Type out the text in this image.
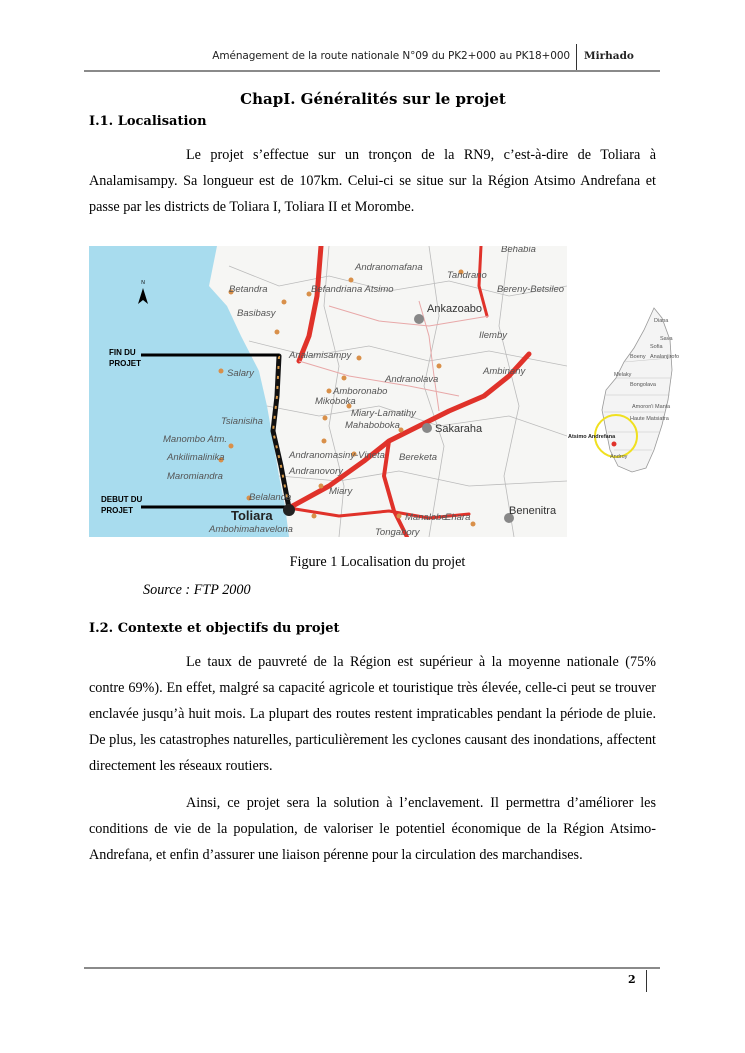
Aménagement de la route nationale N°09 du PK2+000 au PK18+000 Mirhado
ChapI. Généralités sur le projet
I.1. Localisation

Le projet s’effectue sur un tronçon de la RN9, c’est-à-dire de Toliara à Analamisampy. Sa longueur est de 107km. Celui-ci se situe sur la Région Atsimo Andrefana et passe par les districts de Toliara I, Toliara II et Morombe.

FIN DU
PROJET
DEBUT DU
PROJET
N
Andranomafana
Tandrano
Betandra	Befandriana Atsimo	Bereny-Betsileo
Basibasy	Ankazoabo
Ilemby
Analamisampy
Salary
Andranolava
Ambinany
Amboronabo
Mikoboka
Miary-Lamatihy
Mahaboboka
Tsianisiha
Sakaraha
Manombo Atm.
Ankilimalinika	Andranomasiny-Vineta Bereketa
Maromiandra	Andranovory
Miary
Belalanda
Toliara	Manalobe
Ehara
Benenitra
Ambohimahavelona	Tongabory
Behabia
Diana
Sava
Sofia
Boeny Analanjirofo
Melaky
Bongolava
Amoron'i Mania
Haute Matsiatra
Atsimo Andrefana
Androy
Figure 1 Localisation du projet
Source : FTP 2000
I.2. Contexte et objectifs du projet

Le taux de pauvreté de la Région est supérieur à la moyenne nationale (75% contre 69%). En effet, malgré sa capacité agricole et touristique très élevée, celle-ci peut se trouver enclavée jusqu’à huit mois. La plupart des routes restent impraticables pendant la période de pluie. De plus, les catastrophes naturelles, particulièrement les cyclones causant des inondations, affectent directement les réseaux routiers.

Ainsi, ce projet sera la solution à l’enclavement. Il permettra d’améliorer les conditions de vie de la population, de valoriser le potentiel économique de la Région Atsimo-Andrefana, et enfin d’assurer une liaison pérenne pour la circulation des marchandises.

2
